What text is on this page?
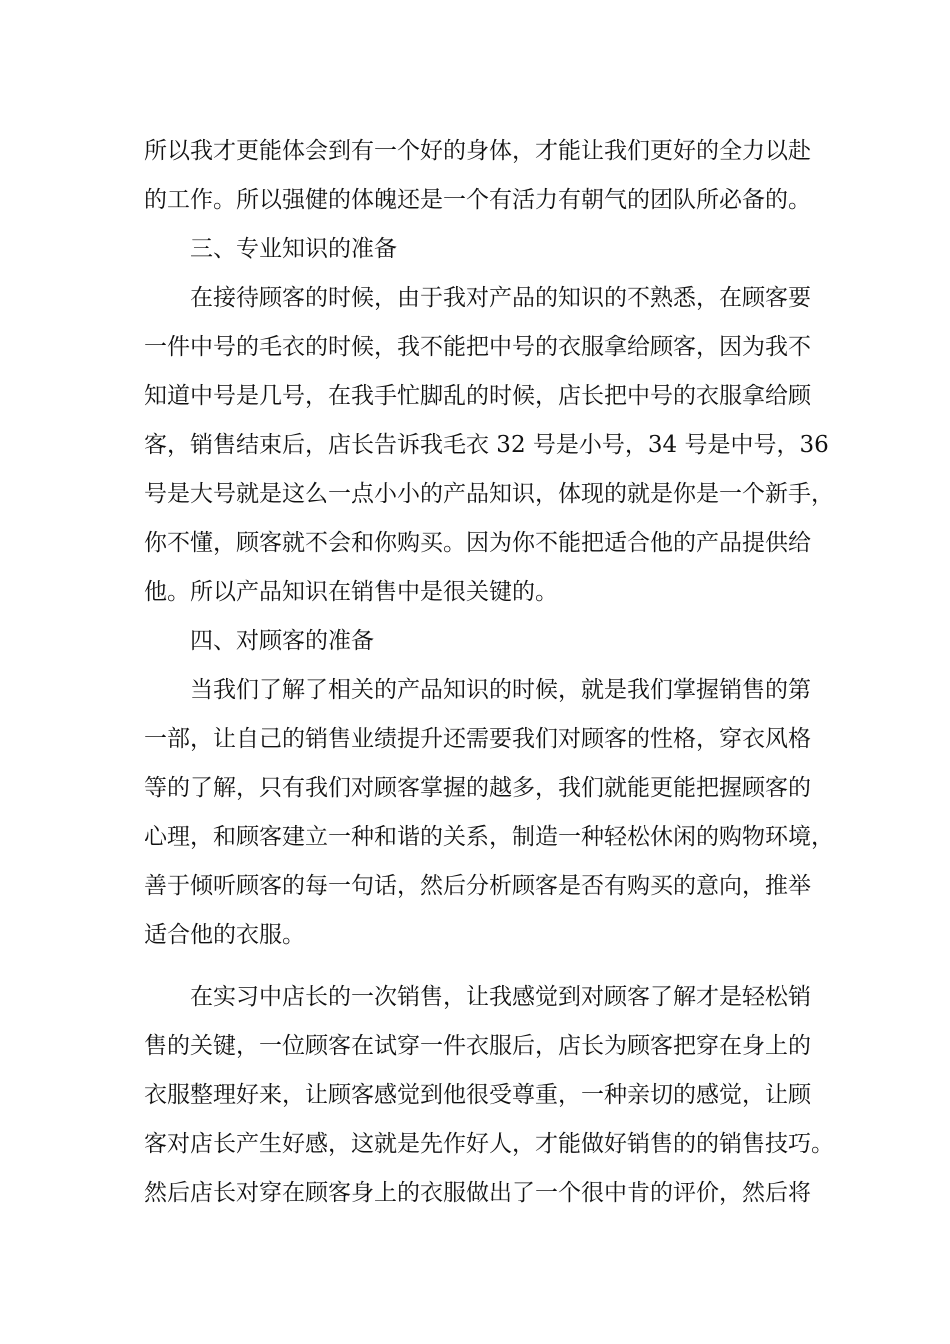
所以我才更能体会到有一个好的身体，才能让我们更好的全力以赴
的工作。所以强健的体魄还是一个有活力有朝气的团队所必备的。
三、专业知识的准备
在接待顾客的时候，由于我对产品的知识的不熟悉，在顾客要
一件中号的毛衣的时候，我不能把中号的衣服拿给顾客，因为我不
知道中号是几号，在我手忙脚乱的时候，店长把中号的衣服拿给顾
客，销售结束后，店长告诉我毛衣 32 号是小号，34 号是中号，36
号是大号就是这么一点小小的产品知识，体现的就是你是一个新手，
你不懂，顾客就不会和你购买。因为你不能把适合他的产品提供给
他。所以产品知识在销售中是很关键的。
四、对顾客的准备
当我们了解了相关的产品知识的时候，就是我们掌握销售的第
一部，让自己的销售业绩提升还需要我们对顾客的性格，穿衣风格
等的了解，只有我们对顾客掌握的越多，我们就能更能把握顾客的
心理，和顾客建立一种和谐的关系，制造一种轻松休闲的购物环境，
善于倾听顾客的每一句话，然后分析顾客是否有购买的意向，推举
适合他的衣服。
在实习中店长的一次销售，让我感觉到对顾客了解才是轻松销
售的关键，一位顾客在试穿一件衣服后，店长为顾客把穿在身上的
衣服整理好来，让顾客感觉到他很受尊重，一种亲切的感觉，让顾
客对店长产生好感，这就是先作好人，才能做好销售的的销售技巧。
然后店长对穿在顾客身上的衣服做出了一个很中肯的评价，然后将
